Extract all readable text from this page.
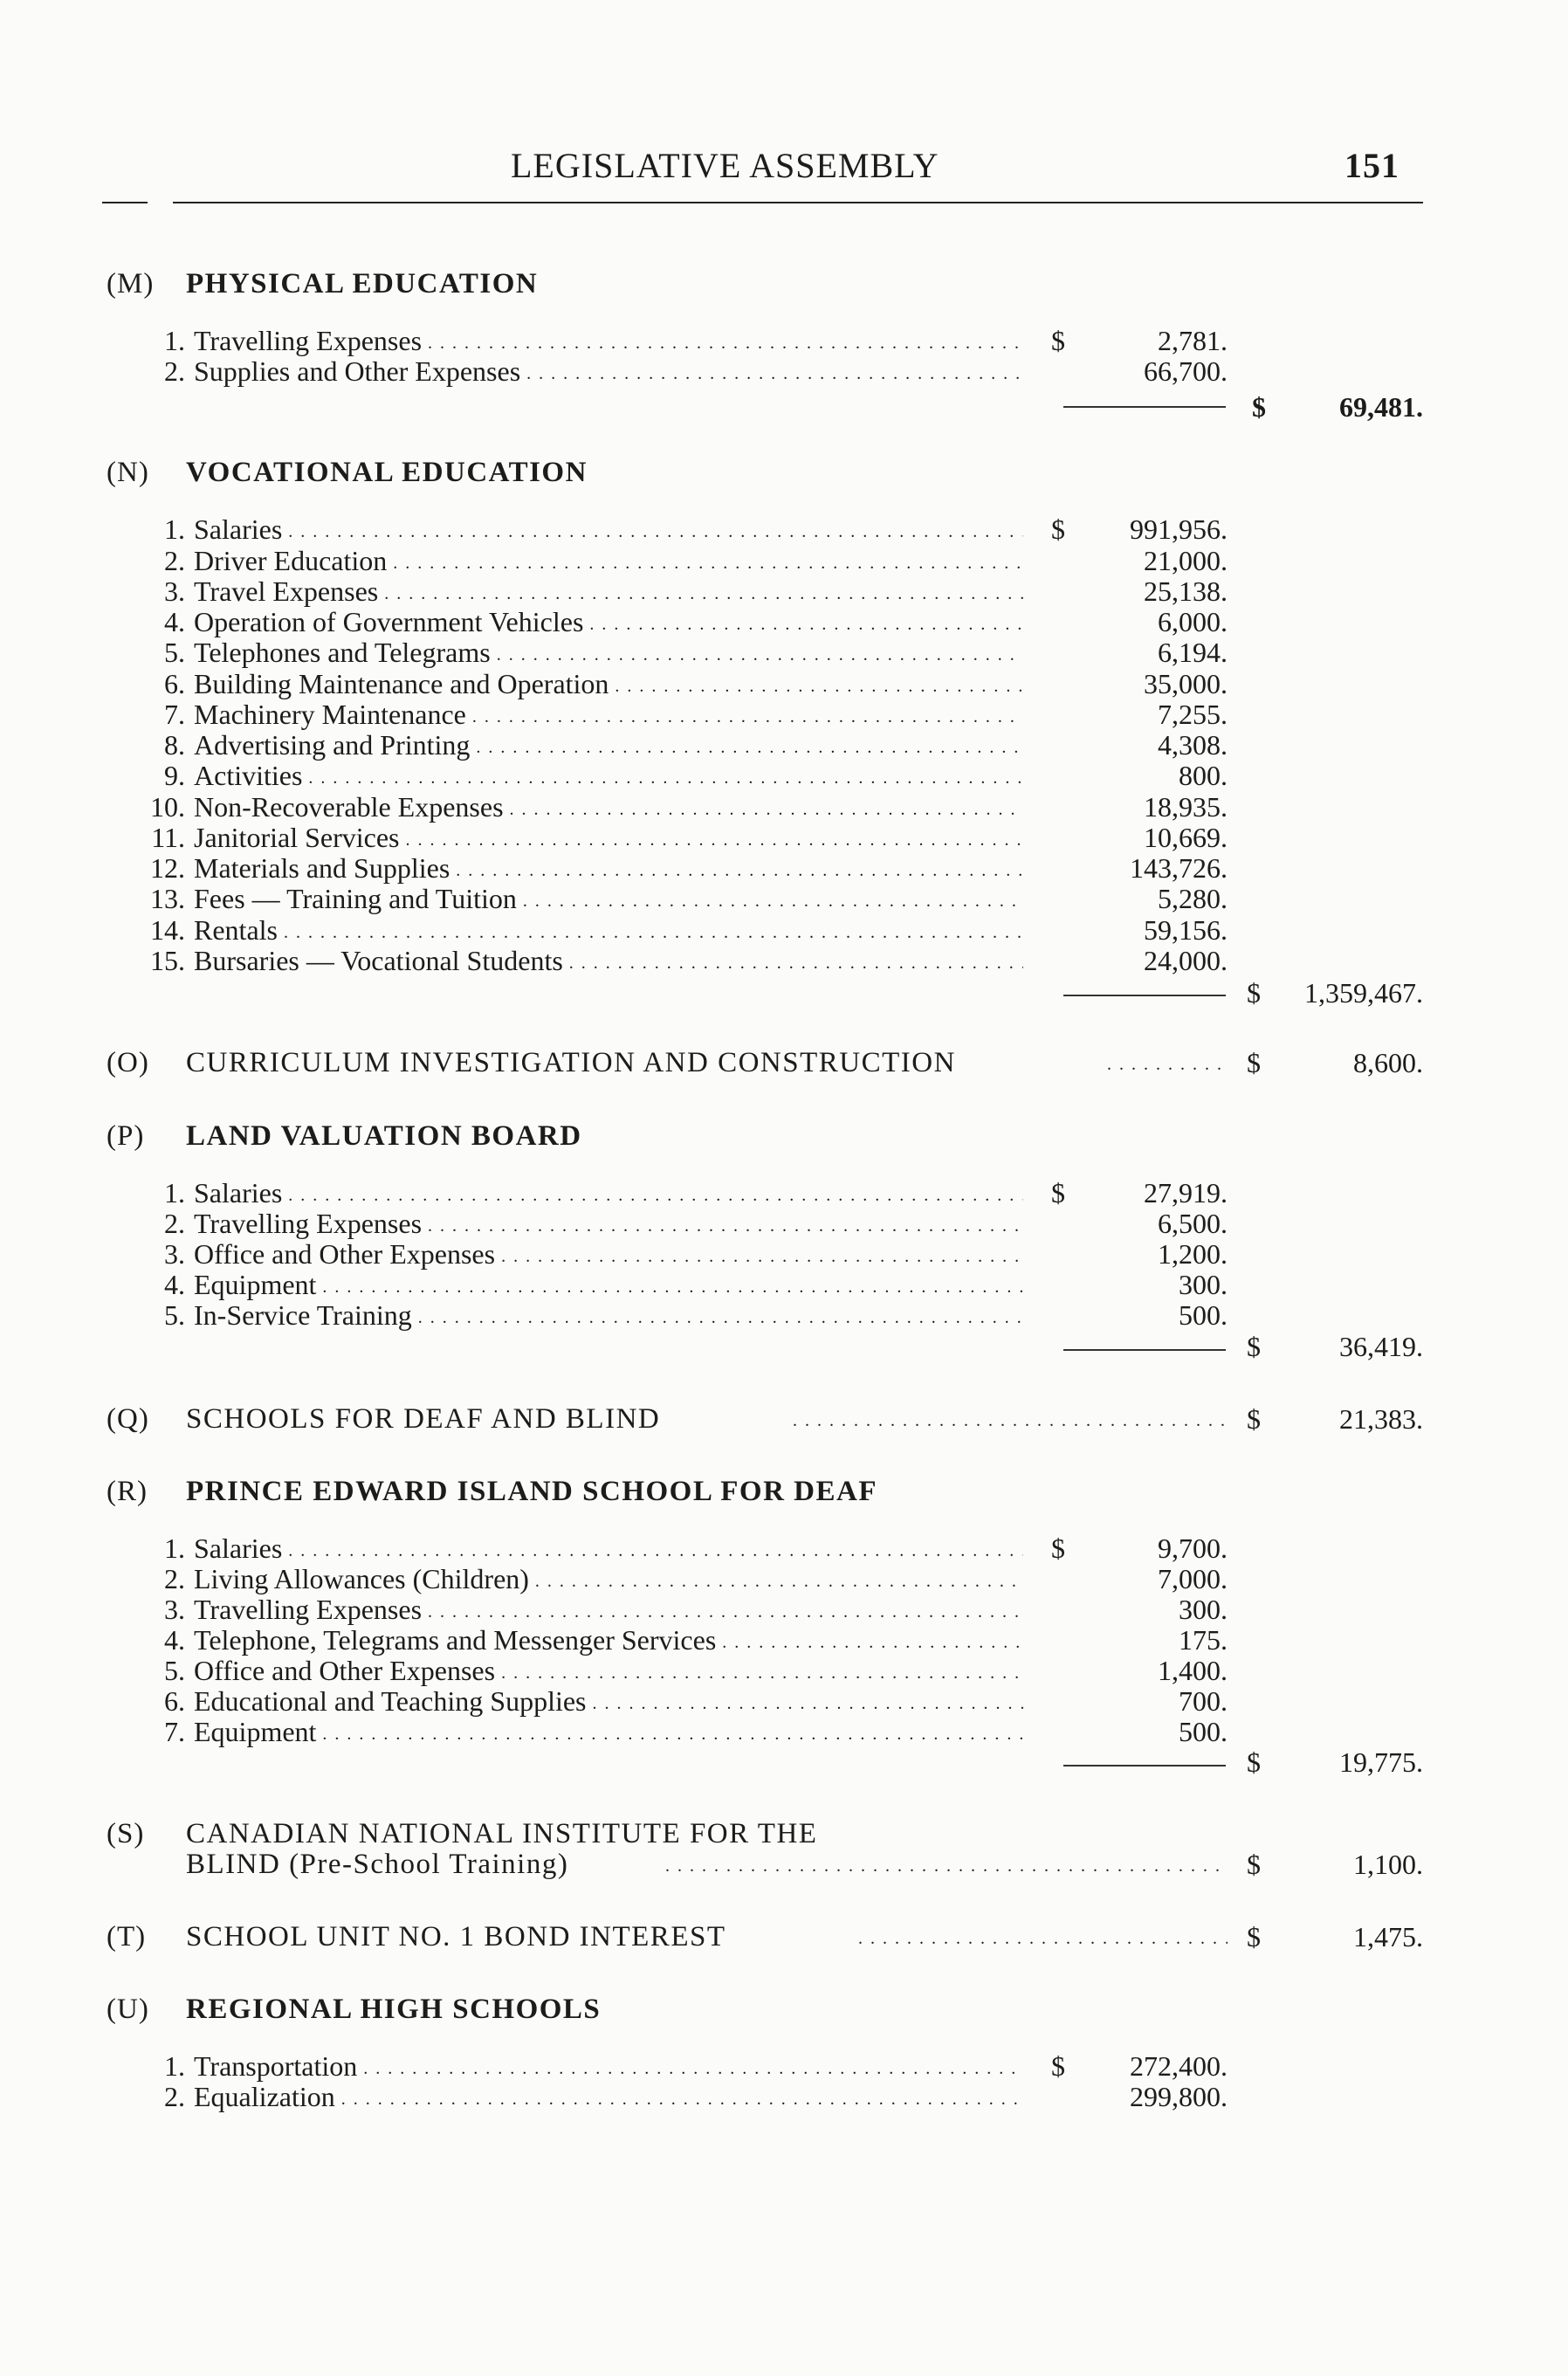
LEGISLATIVE ASSEMBLY	151
(M) PHYSICAL EDUCATION
1. Travelling Expenses . . .	$	2,781.
2. Supplies and Other Expenses . . .	66,700.
$	69,481.
(N) VOCATIONAL EDUCATION
1. Salaries . . .	$	991,956.
2. Driver Education . . .	21,000.
3. Travel Expenses . . .	25,138.
4. Operation of Government Vehicles . . .	6,000.
5. Telephones and Telegrams . . .	6,194.
6. Building Maintenance and Operation . . .	35,000.
7. Machinery Maintenance . . .	7,255.
8. Advertising and Printing . . .	4,308.
9. Activities . . .	800.
10. Non-Recoverable Expenses . . .	18,935.
11. Janitorial Services . . .	10,669.
12. Materials and Supplies . . .	143,726.
13. Fees — Training and Tuition . . .	5,280.
14. Rentals . . .	59,156.
15. Bursaries — Vocational Students . . .	24,000.
$	1,359,467.
(O) CURRICULUM INVESTIGATION AND CONSTRUCTION . . .	$	8,600.
(P) LAND VALUATION BOARD
1. Salaries . . .	$	27,919.
2. Travelling Expenses . . .	6,500.
3. Office and Other Expenses . . .	1,200.
4. Equipment . . .	300.
5. In-Service Training . . .	500.
$	36,419.
(Q) SCHOOLS FOR DEAF AND BLIND . . .	$	21,383.
(R) PRINCE EDWARD ISLAND SCHOOL FOR DEAF
1. Salaries . . .	$	9,700.
2. Living Allowances (Children) . . .	7,000.
3. Travelling Expenses . . .	300.
4. Telephone, Telegrams and Messenger Services . . .	175.
5. Office and Other Expenses . . .	1,400.
6. Educational and Teaching Supplies . . .	700.
7. Equipment . . .	500.
$	19,775.
(S) CANADIAN NATIONAL INSTITUTE FOR THE
BLIND (Pre-School Training) . . .	$	1,100.
(T) SCHOOL UNIT NO. 1 BOND INTEREST . . .	$	1,475.
(U) REGIONAL HIGH SCHOOLS
1. Transportation . . .	$	272,400.
2. Equalization . . .	299,800.
